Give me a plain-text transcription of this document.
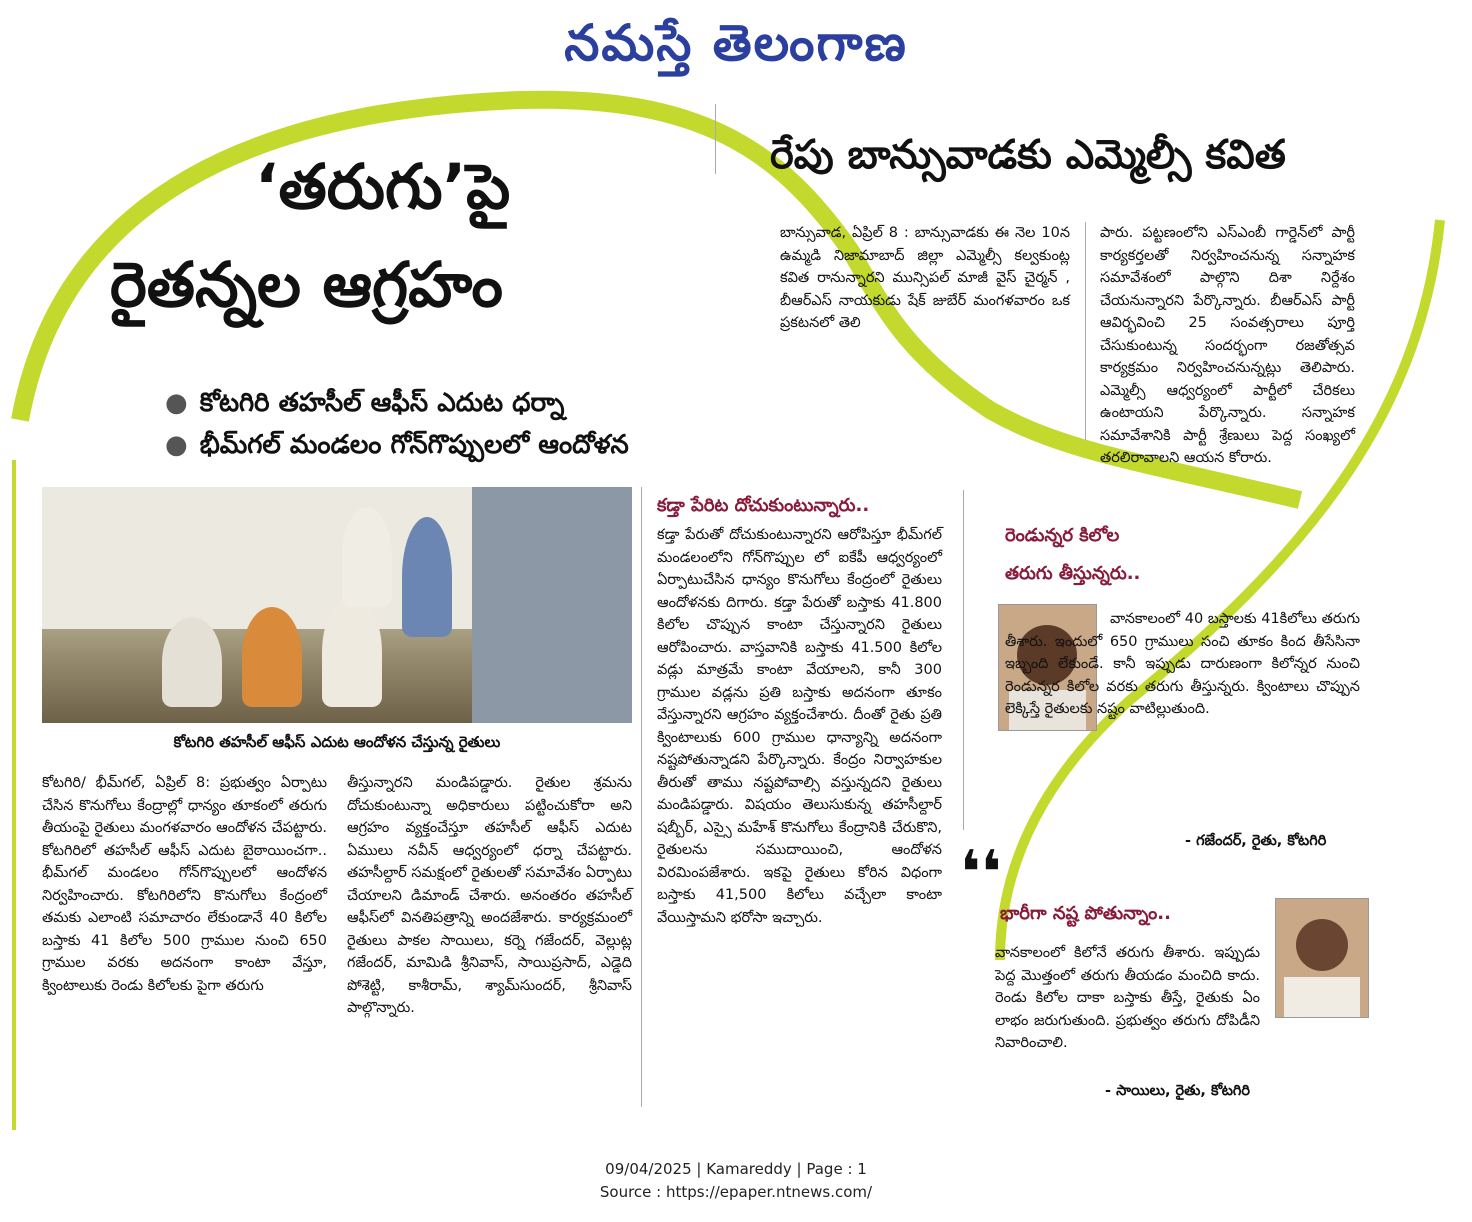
నమస్తే తెలంగాణ
రేపు బాన్సువాడకు ఎమ్మెల్సీ కవిత
‘తరుగు’పై
రైతన్నల ఆగ్రహం
● కోటగిరి తహసీల్ ఆఫీస్ ఎదుట ధర్నా
● భీమ్‌గల్ మండలం గోన్‌గొప్పులలో ఆందోళన

బాన్సువాడ, ఏప్రిల్ 8 : బాన్సువాడకు ఈ నెల 10న ఉమ్మడి నిజామాబాద్ జిల్లా ఎమ్మెల్సీ కల్వకుంట్ల కవిత రానున్నారని మున్సిపల్ మాజీ వైస్ చైర్మన్ , బీఆర్ఎస్ నాయకుడు షేక్ జుబేర్ మంగళవారం ఒక ప్రకటనలో తెలి

పారు. పట్టణంలోని ఎస్ఎంబీ గార్డెన్‌లో పార్టీ కార్యకర్తలతో నిర్వహించనున్న సన్నాహక సమావేశంలో పాల్గొని దిశా నిర్దేశం చేయనున్నారని పేర్కొన్నారు. బీఆర్ఎస్ పార్టీ ఆవిర్భవించి 25 సంవత్సరాలు పూర్తి చేసుకుంటున్న సందర్భంగా రజతోత్సవ కార్యక్రమం నిర్వహించనున్నట్లు తెలిపారు. ఎమ్మెల్సీ ఆధ్వర్యంలో పార్టీలో చేరికలు ఉంటాయని పేర్కొన్నారు. సన్నాహక సమావేశానికి పార్టీ శ్రేణులు పెద్ద సంఖ్యలో తరలిరావాలని ఆయన కోరారు.

కోటగిరి తహసీల్ ఆఫీస్ ఎదుట ఆందోళన చేస్తున్న రైతులు

కోటగిరి/ భీమ్‌గల్, ఏప్రిల్ 8: ప్రభుత్వం ఏర్పాటు చేసిన కొనుగోలు కేంద్రాల్లో ధాన్యం తూకంలో తరుగు తీయంపై రైతులు మంగళవారం ఆందోళన చేపట్టారు. కోటగిరిలో తహసీల్ ఆఫీస్ ఎదుట బైఠాయించగా.. భీమ్‌గల్ మండలం గోన్‌గొప్పులలో ఆందోళన నిర్వహించారు. కోటగిరిలోని కొనుగోలు కేంద్రంలో తమకు ఎలాంటి సమాచారం లేకుండానే 40 కిలోల బస్తాకు 41 కిలోల 500 గ్రాముల నుంచి 650 గ్రాముల వరకు అదనంగా కాంటా వేస్తూ, క్వింటాలుకు రెండు కిలోలకు పైగా తరుగు

తీస్తున్నారని మండిపడ్డారు. రైతుల శ్రమను దోచుకుంటున్నా అధికారులు పట్టించుకోరా అని ఆగ్రహం వ్యక్తంచేస్తూ తహసీల్ ఆఫీస్ ఎదుట ఏములు నవీన్ ఆధ్వర్యంలో ధర్నా చేపట్టారు. తహసీల్దార్ సమక్షంలో రైతులతో సమావేశం ఏర్పాటు చేయాలని డిమాండ్ చేశారు. అనంతరం తహసీల్ ఆఫీస్‌లో వినతిపత్రాన్ని అందజేశారు. కార్యక్రమంలో రైతులు పాకల సాయిలు, కర్నె గజేందర్, వెల్లుట్ల గజేందర్, మామిడి శ్రీనివాస్, సాయిప్రసాద్, ఎడ్డెది పోశెట్టి, కాశీరామ్, శ్యామ్‌సుందర్, శ్రీనివాస్ పాల్గొన్నారు.

కడ్తా పేరిట దోచుకుంటున్నారు..

కడ్తా పేరుతో దోచుకుంటున్నారని ఆరోపిస్తూ భీమ్‌గల్ మండలంలోని గోన్‌గొప్పుల లో ఐకేపీ ఆధ్వర్యంలో ఏర్పాటుచేసిన ధాన్యం కొనుగోలు కేంద్రంలో రైతులు ఆందోళనకు దిగారు. కడ్తా పేరుతో బస్తాకు 41.800 కిలోల చొప్పున కాంటా చేస్తున్నారని రైతులు ఆరోపించారు. వాస్తవానికి బస్తాకు 41.500 కిలోల వడ్లు మాత్రమే కాంటా వేయాలని, కానీ 300 గ్రాముల వడ్లను ప్రతి బస్తాకు అదనంగా తూకం వేస్తున్నారని ఆగ్రహం వ్యక్తంచేశారు. దీంతో రైతు ప్రతి క్వింటాలుకు 600 గ్రాముల ధాన్యాన్ని అదనంగా నష్టపోతున్నాడని పేర్కొన్నారు. కేంద్రం నిర్వాహకుల తీరుతో తాము నష్టపోవాల్సి వస్తున్నదని రైతులు మండిపడ్డారు. విషయం తెలుసుకున్న తహసీల్దార్ షబ్బీర్, ఎస్సై మహేశ్ కొనుగోలు కేంద్రానికి చేరుకొని, రైతులను సముదాయించి, ఆందోళన విరమింపజేశారు. ఇకపై రైతులు కోరిన విధంగా బస్తాకు 41,500 కిలోలు వచ్చేలా కాంటా వేయిస్తామని భరోసా ఇచ్చారు.

రెండున్నర కిలోల
తరుగు తీస్తున్నరు..

వానకాలంలో 40 బస్తాలకు 41కిలోలు తరుగు తీశారు. ఇందులో 650 గ్రాములు సంచి తూకం కింద తీసేసినా ఇబ్బంది లేకుండే. కానీ ఇప్పుడు దారుణంగా కిలోన్నర నుంచి రెండున్నర కిలోల వరకు తరుగు తీస్తున్నరు. క్వింటాలు చొప్పున లెక్కిస్తే రైతులకు నష్టం వాటిల్లుతుంది.

- గజేందర్, రైతు, కోటగిరి
❛❛
భారీగా నష్ట పోతున్నాం..

వానకాలంలో కిలోనే తరుగు తీశారు. ఇప్పుడు పెద్ద మొత్తంలో తరుగు తీయడం మంచిది కాదు. రెండు కిలోల దాకా బస్తాకు తీస్తే, రైతుకు ఏం లాభం జరుగుతుంది. ప్రభుత్వం తరుగు దోపిడీని నివారించాలి.

- సాయిలు, రైతు, కోటగిరి
09/04/2025 | Kamareddy | Page : 1
Source : https://epaper.ntnews.com/
